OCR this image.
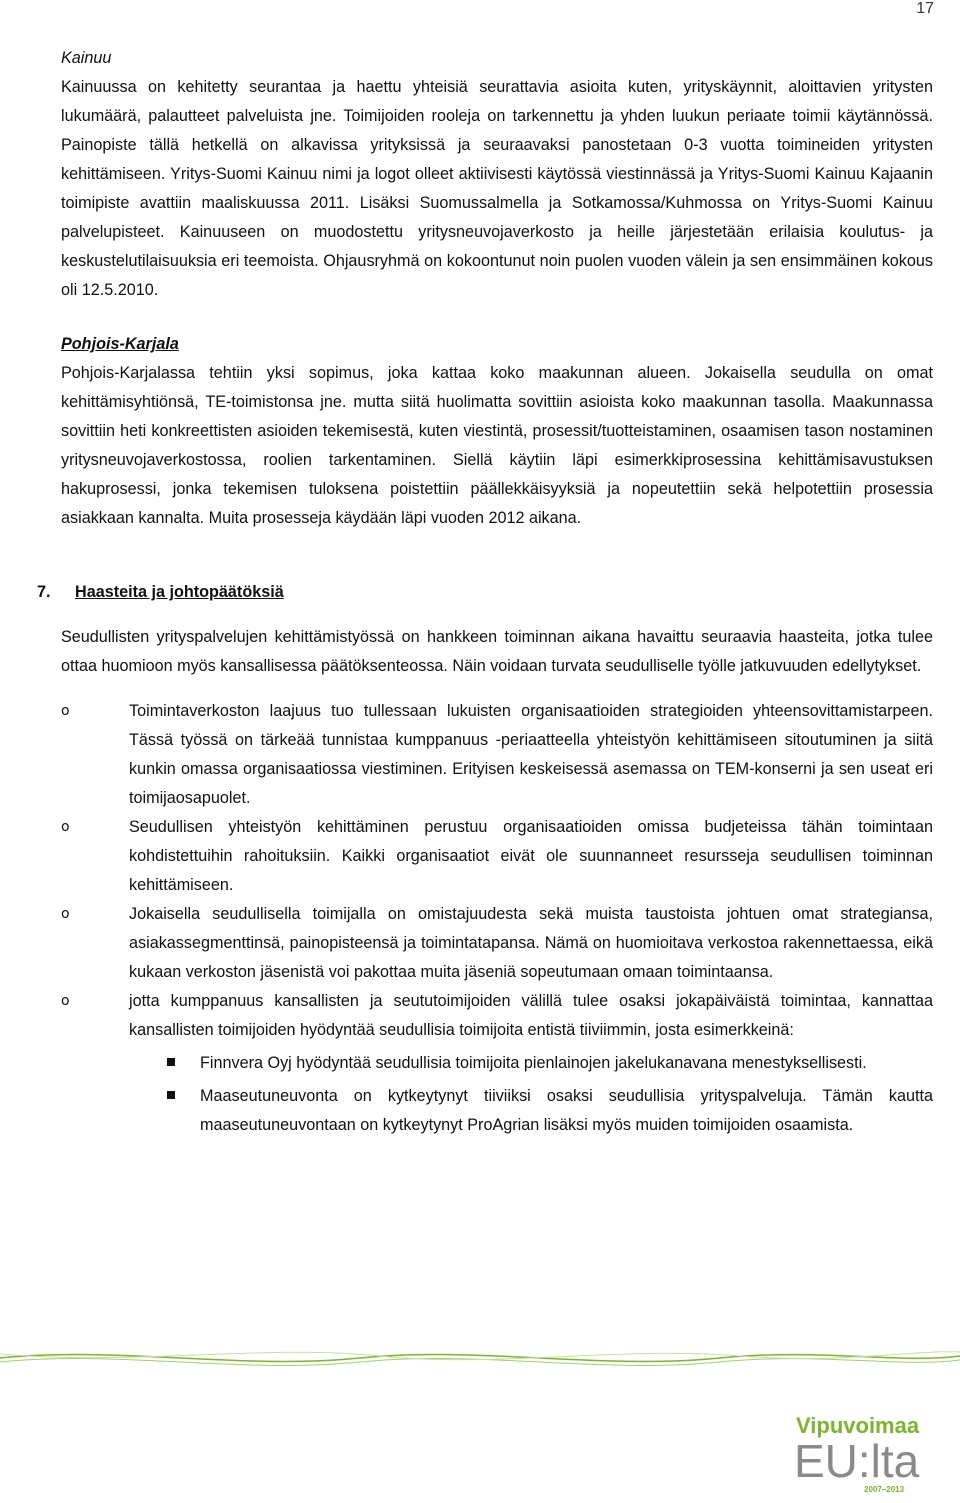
17
Kainuu

Kainuussa on kehitetty seurantaa ja haettu yhteisiä seurattavia asioita kuten, yrityskäynnit, aloittavien yritysten lukumäärä, palautteet palveluista jne. Toimijoiden rooleja on tarkennettu ja yhden luukun periaate toimii käytännössä. Painopiste tällä hetkellä on alkavissa yrityksissä ja seuraavaksi panostetaan 0-3 vuotta toimineiden yritysten kehittämiseen. Yritys-Suomi Kainuu nimi ja logot olleet aktiivisesti käytössä viestinnässä ja Yritys-Suomi Kainuu Kajaanin toimipiste avattiin maaliskuussa 2011. Lisäksi Suomussalmella ja Sotkamossa/Kuhmossa on Yritys-Suomi Kainuu palvelupisteet. Kainuuseen on muodostettu yritysneuvojaverkosto ja heille järjestetään erilaisia koulutus- ja keskustelutilaisuuksia eri teemoista. Ohjausryhmä on kokoontunut noin puolen vuoden välein ja sen ensimmäinen kokous oli 12.5.2010.

Pohjois-Karjala

Pohjois-Karjalassa tehtiin yksi sopimus, joka kattaa koko maakunnan alueen. Jokaisella seudulla on omat kehittämisyhtiönsä, TE-toimistonsa jne. mutta siitä huolimatta sovittiin asioista koko maakunnan tasolla. Maakunnassa sovittiin heti konkreettisten asioiden tekemisestä, kuten viestintä, prosessit/tuotteistaminen, osaamisen tason nostaminen yritysneuvojaverkostossa, roolien tarkentaminen. Siellä käytiin läpi esimerkkiprosessina kehittämisavustuksen hakuprosessi, jonka tekemisen tuloksena poistettiin päällekkäisyyksiä ja nopeutettiin sekä helpotettiin prosessia asiakkaan kannalta. Muita prosesseja käydään läpi vuoden 2012 aikana.

7.	Haasteita ja johtopäätöksiä

Seudullisten yrityspalvelujen kehittämistyössä on hankkeen toiminnan aikana havaittu seuraavia haasteita, jotka tulee ottaa huomioon myös kansallisessa päätöksenteossa. Näin voidaan turvata seudulliselle työlle jatkuvuuden edellytykset.

o	Toimintaverkoston laajuus tuo tullessaan lukuisten organisaatioiden strategioiden yhteensovittamistarpeen. Tässä työssä on tärkeää tunnistaa kumppanuus -periaatteella yhteistyön kehittämiseen sitoutuminen ja siitä kunkin omassa organisaatiossa viestiminen. Erityisen keskeisessä asemassa on TEM-konserni ja sen useat eri toimijaosapuolet.
o	Seudullisen yhteistyön kehittäminen perustuu organisaatioiden omissa budjeteissa tähän toimintaan kohdistettuihin rahoituksiin. Kaikki organisaatiot eivät ole suunnanneet resursseja seudullisen toiminnan kehittämiseen.
o	Jokaisella seudullisella toimijalla on omistajuudesta sekä muista taustoista johtuen omat strategiansa, asiakassegmenttinsä, painopisteensä ja toimintatapansa. Nämä on huomioitava verkostoa rakennettaessa, eikä kukaan verkoston jäsenistä voi pakottaa muita jäseniä sopeutumaan omaan toimintaansa.
o	jotta kumppanuus kansallisten ja seututoimijoiden välillä tulee osaksi jokapäiväistä toimintaa, kannattaa kansallisten toimijoiden hyödyntää seudullisia toimijoita entistä tiiviimmin, josta esimerkkeinä:
Finnvera Oyj hyödyntää seudullisia toimijoita pienlainojen jakelukanavana menestyksellisesti.
Maaseutuneuvonta on kytkeytynyt tiiviiksi osaksi seudullisia yrityspalveluja. Tämän kautta maaseutuneuvontaan on kytkeytynyt ProAgrian lisäksi myös muiden toimijoiden osaamista.
Vipuvoimaa
EU:lta
2007–2013
